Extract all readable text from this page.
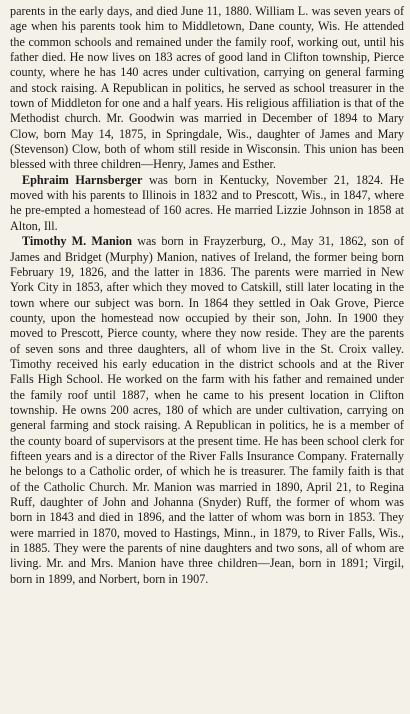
parents in the early days, and died June 11, 1880. William L. was seven years of age when his parents took him to Middletown, Dane county, Wis. He attended the common schools and remained under the family roof, working out, until his father died. He now lives on 183 acres of good land in Clifton township, Pierce county, where he has 140 acres under cultivation, carrying on general farming and stock raising. A Republican in politics, he served as school treasurer in the town of Middleton for one and a half years. His religious affiliation is that of the Methodist church. Mr. Goodwin was married in December of 1894 to Mary Clow, born May 14, 1875, in Springdale, Wis., daughter of James and Mary (Stevenson) Clow, both of whom still reside in Wisconsin. This union has been blessed with three children—Henry, James and Esther.

Ephraim Harnsberger was born in Kentucky, November 21, 1824. He moved with his parents to Illinois in 1832 and to Prescott, Wis., in 1847, where he pre-empted a homestead of 160 acres. He married Lizzie Johnson in 1858 at Alton, Ill.

Timothy M. Manion was born in Frayzerburg, O., May 31, 1862, son of James and Bridget (Murphy) Manion, natives of Ireland, the former being born February 19, 1826, and the latter in 1836. The parents were married in New York City in 1853, after which they moved to Catskill, still later locating in the town where our subject was born. In 1864 they settled in Oak Grove, Pierce county, upon the homestead now occupied by their son, John. In 1900 they moved to Prescott, Pierce county, where they now reside. They are the parents of seven sons and three daughters, all of whom live in the St. Croix valley. Timothy received his early education in the district schools and at the River Falls High School. He worked on the farm with his father and remained under the family roof until 1887, when he came to his present location in Clifton township. He owns 200 acres, 180 of which are under cultivation, carrying on general farming and stock raising. A Republican in politics, he is a member of the county board of supervisors at the present time. He has been school clerk for fifteen years and is a director of the River Falls Insurance Company. Fraternally he belongs to a Catholic order, of which he is treasurer. The family faith is that of the Catholic Church. Mr. Manion was married in 1890, April 21, to Regina Ruff, daughter of John and Johanna (Snyder) Ruff, the former of whom was born in 1843 and died in 1896, and the latter of whom was born in 1853. They were married in 1870, moved to Hastings, Minn., in 1879, to River Falls, Wis., in 1885. They were the parents of nine daughters and two sons, all of whom are living. Mr. and Mrs. Manion have three children—Jean, born in 1891; Virgil, born in 1899, and Norbert, born in 1907.
